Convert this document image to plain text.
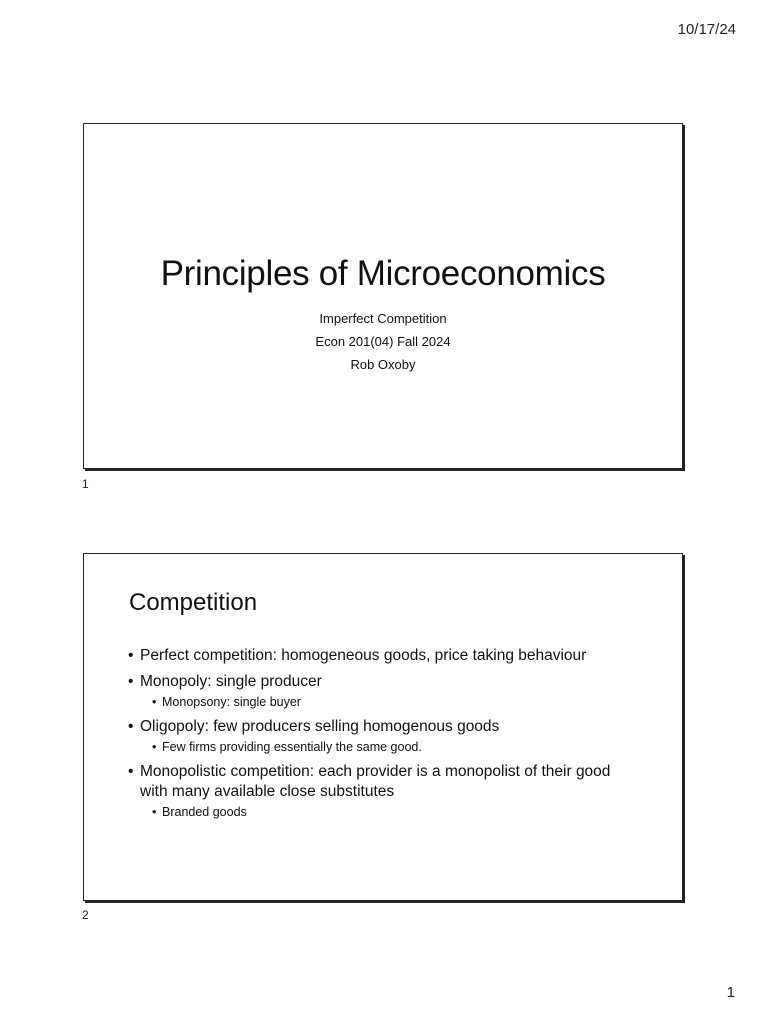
10/17/24
Principles of Microeconomics
Imperfect Competition
Econ 201(04) Fall 2024
Rob Oxoby
1
Competition
• Perfect competition: homogeneous goods, price taking behaviour
• Monopoly: single producer
• Monopsony: single buyer
• Oligopoly: few producers selling homogenous goods
• Few firms providing essentially the same good.
• Monopolistic competition: each provider is a monopolist of their good with many available close substitutes
• Branded goods
2
1
